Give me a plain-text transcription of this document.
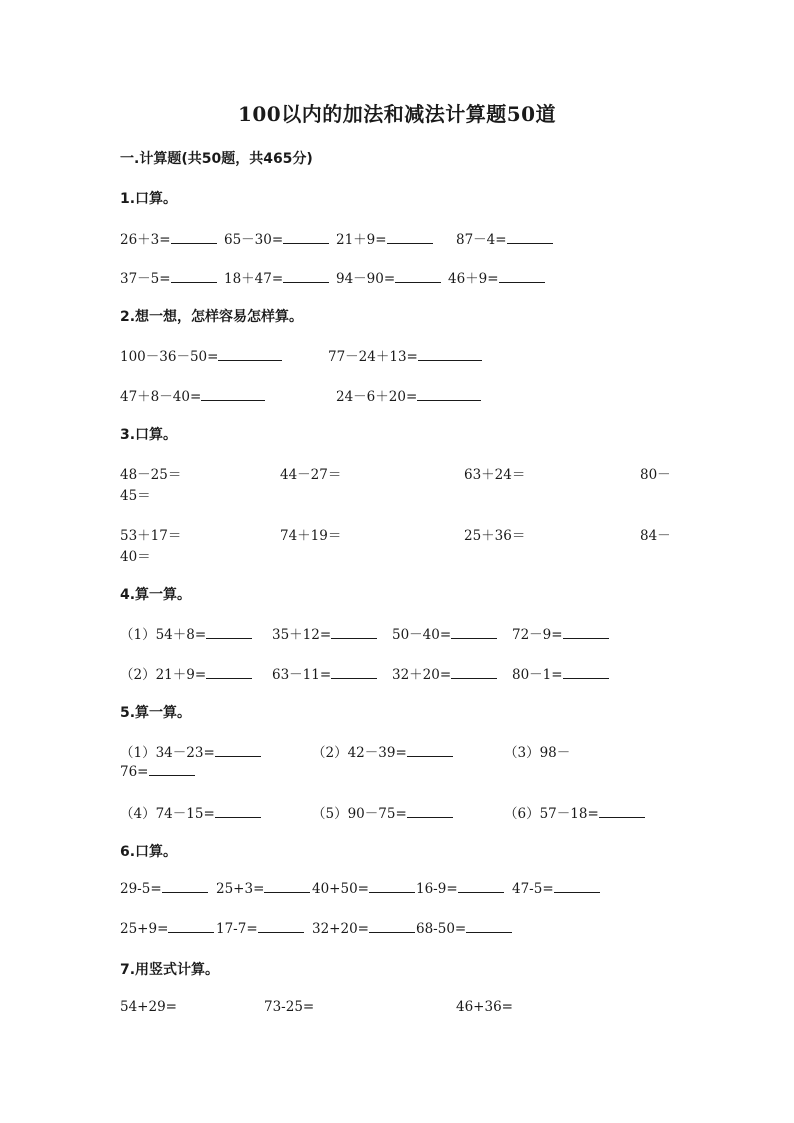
100以内的加法和减法计算题50道
一.计算题(共50题，共465分)
1.口算。
26＋3=	65－30=	21＋9=	87－4=
37－5=	18＋47=	94－90=	46＋9=
2.想一想，怎样容易怎样算。
100－36－50=	77－24＋13=
47＋8－40=	24－6＋20=
3.口算。
48－25＝	44－27＝	63＋24＝	80－
45＝
53＋17＝	74＋19＝	25＋36＝	84－
40＝
4.算一算。
（1）54＋8=	35＋12=	50－40=	72－9=
（2）21＋9=	63－11=	32＋20=	80－1=
5.算一算。
（1）34－23=	（2）42－39=	（3）98－
76=
（4）74－15=	（5）90－75=	（6）57－18=
6.口算。
29-5=	25+3=	40+50=	16-9=	47-5=
25+9=	17-7=	32+20=	68-50=
7.用竖式计算。
54+29=	73-25=	46+36=
